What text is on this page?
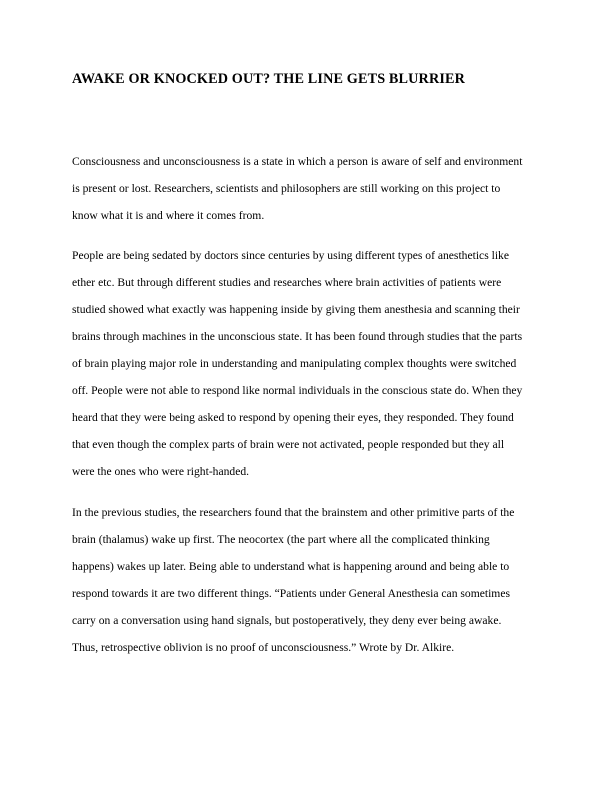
AWAKE OR KNOCKED OUT? THE LINE GETS BLURRIER
Consciousness and unconsciousness is a state in which a person is aware of self and environment
is present or lost. Researchers, scientists and philosophers are still working on this project to
know what it is and where it comes from.
People are being sedated by doctors since centuries by using different types of anesthetics like
ether etc. But through different studies and researches where brain activities of patients were
studied showed what exactly was happening inside by giving them anesthesia and scanning their
brains through machines in the unconscious state. It has been found through studies that the parts
of brain playing major role in understanding and manipulating complex thoughts were switched
off. People were not able to respond like normal individuals in the conscious state do. When they
heard that they were being asked to respond by opening their eyes, they responded. They found
that even though the complex parts of brain were not activated, people responded but they all
were the ones who were right-handed.
In the previous studies, the researchers found that the brainstem and other primitive parts of the
brain (thalamus) wake up first. The neocortex (the part where all the complicated thinking
happens) wakes up later. Being able to understand what is happening around and being able to
respond towards it are two different things. “Patients under General Anesthesia can sometimes
carry on a conversation using hand signals, but postoperatively, they deny ever being awake.
Thus, retrospective oblivion is no proof of unconsciousness.” Wrote by Dr. Alkire.
